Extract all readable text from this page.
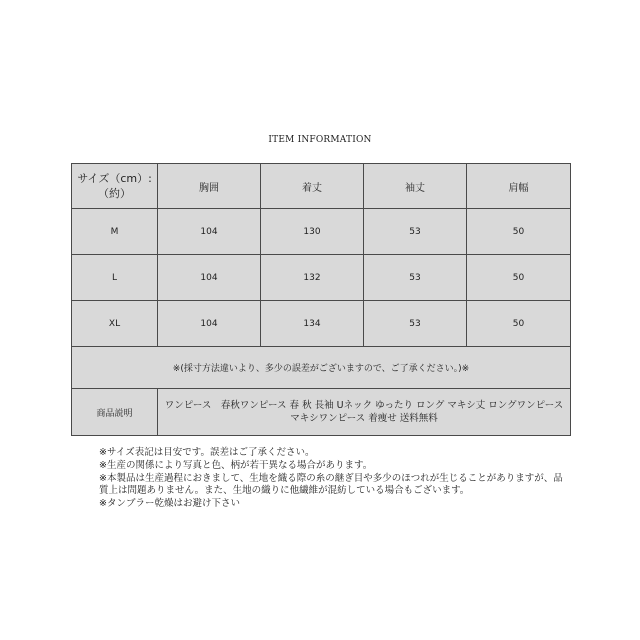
ITEM INFORMATION
サイズ（cm）:
（約）	胸囲	着丈	袖丈	肩幅
M	104	130	53	50
L	104	132	53	50
XL	104	134	53	50
※(採寸方法違いより、多少の誤差がございますので、ご了承ください。)※				
商品説明	ワンピース　春秋ワンピース 春 秋 長袖 Uネック ゆったり ロング マキシ丈 ロングワンピース マキシワンピース 着痩せ 送料無料			
※サイズ表記は目安です。誤差はご了承ください。
※生産の関係により写真と色、柄が若干異なる場合があります。
※本製品は生産過程におきまして、生地を織る際の糸の継ぎ目や多少のほつれが生じることがありますが、品質上は問題ありません。また、生地の織りに他繊維が混紡している場合もございます。
※タンブラー乾燥はお避け下さい
